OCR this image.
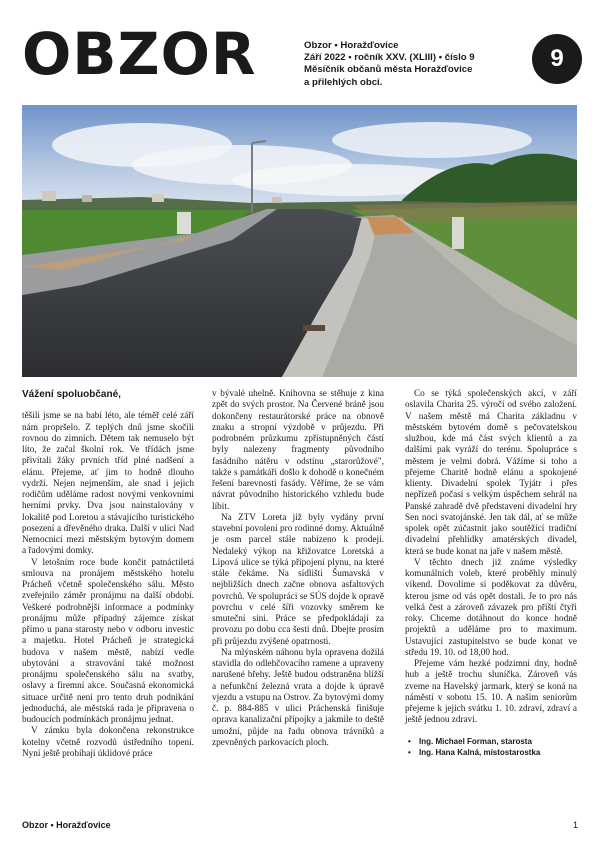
OBZOR	Obzor • Horažďovice
Září 2022 • ročník XXV. (XLIII) • číslo 9
Měsíčník občanů města Horažďovice
a přilehlých obcí.
9
Vážení spoluobčané,

těšili jsme se na babí léto, ale téměř celé září nám propršelo. Z teplých dnů jsme skočili rovnou do zimních. Dětem tak nemuselo být líto, že začal školní rok. Ve třídách jsme přivítali žáky prvních tříd plné nadšení a elánu. Přejeme, ať jim to hodně dlouho vydrží. Nejen nejmenším, ale snad i jejich rodičům uděláme radost novými venkovními herními prvky. Dva jsou nainstalovány v lokalitě pod Loretou a stávajícího turistického posezení a dřevěného draka. Další v ulici Nad Nemocnicí mezi městským bytovým domem a řadovými domky.

V letošním roce bude končit patnáctiletá smlouva na pronájem městského hotelu Prácheň včetně společenského sálu. Město zveřejnilo záměr pronájmu na další období. Veškeré podrobnější informace a podmínky pronájmu může případný zájemce získat přímo u pana starosty nebo v odboru investic a majetku. Hotel Prácheň je strategická budova v našem městě, nabízí vedle ubytování a stravování také možnost pronájmu společenského sálu na svatby, oslavy a firemní akce. Současná ekonomická situace určitě není pro tento druh podnikání jednoduchá, ale městská rada je připravena o budoucích podmínkách pronájmu jednat.

V zámku byla dokončena rekonstrukce kotelny včetně rozvodů ústředního topení. Nyní ještě probíhají úklidové práce

v bývalé uhelně. Knihovna se stěhuje z kina zpět do svých prostor. Na Červené bráně jsou dokončeny restaurátorské práce na obnově znaku a stropní výzdobě v průjezdu. Při podrobném průzkumu zpřístupněných částí byly nalezeny fragmenty původního fasádního nátěru v odstínu „starorůžové", takže s památkáři došlo k dohodě o konečném řešení barevnosti fasády. Věříme, že se vám návrat původního historického vzhledu bude líbit.

Na ZTV Loreta již byly vydány první stavební povolení pro rodinné domy. Aktuálně je osm parcel stále nabízeno k prodeji. Nedaleký výkop na křižovatce Loretská a Lipová ulice se týká připojení plynu, na které stále čekáme. Na sídlišti Šumavská v nejbližších dnech začne obnova asfaltových povrchů. Ve spolupráci se SÚS dojde k opravě povrchu v celé šíři vozovky směrem ke smuteční síni. Práce se předpokládají za provozu po dobu cca šesti dnů. Dbejte prosím při průjezdu zvýšené opatrnosti.

Na mlýnském náhonu byla opravena dožilá stavidla do odlehčovacího ramene a upraveny narušené břehy. Ještě budou odstraněna bližší a nefunkční železná vrata a dojde k úpravě vjezdu a vstupu na Ostrov. Za bytovými domy č. p. 884-885 v ulici Práchenská finišuje oprava kanalizační přípojky a jakmile to deště umožní, půjde na řadu obnova trávníků a zpevněných parkovacích ploch.

Co se týká společenských akcí, v září oslavila Charita 25. výročí od svého založení. V našem městě má Charita základnu v městském bytovém domě s pečovatelskou službou, kde má část svých klientů a za dalšími pak vyráží do terénu. Spolupráce s městem je velmi dobrá. Vážíme si toho a přejeme Charitě hodně elánu a spokojené klienty. Divadelní spolek Tyjátr i přes nepřízeň počasí s velkým úspěchem sehrál na Panské zahradě dvě představení divadelní hry Sen noci svatojánské. Jen tak dál, ať se může spolek opět zúčastnit jako soutěžící tradiční divadelní přehlídky amatérských divadel, která se bude konat na jaře v našem městě.

V těchto dnech již známe výsledky komunálních voleb, které proběhly minulý víkend. Dovolíme si poděkovat za důvěru, kterou jsme od vás opět dostali. Je to pro nás velká čest a zároveň závazek pro příští čtyři roky. Chceme dotáhnout do konce hodně projektů a uděláme pro to maximum. Ustavující zastupitelstvo se bude konat ve středu 19. 10. od 18,00 hod.

Přejeme vám hezké podzimní dny, hodně hub a ještě trochu sluníčka. Zároveň vás zveme na Havelský jarmark, který se koná na náměstí v sobotu 15. 10. A našim seniorům přejeme k jejich svátku 1. 10. zdraví, zdraví a ještě jednou zdraví.

• Ing. Michael Forman, starosta
• Ing. Hana Kalná, místostarostka
Obzor • Horažďovice	1
